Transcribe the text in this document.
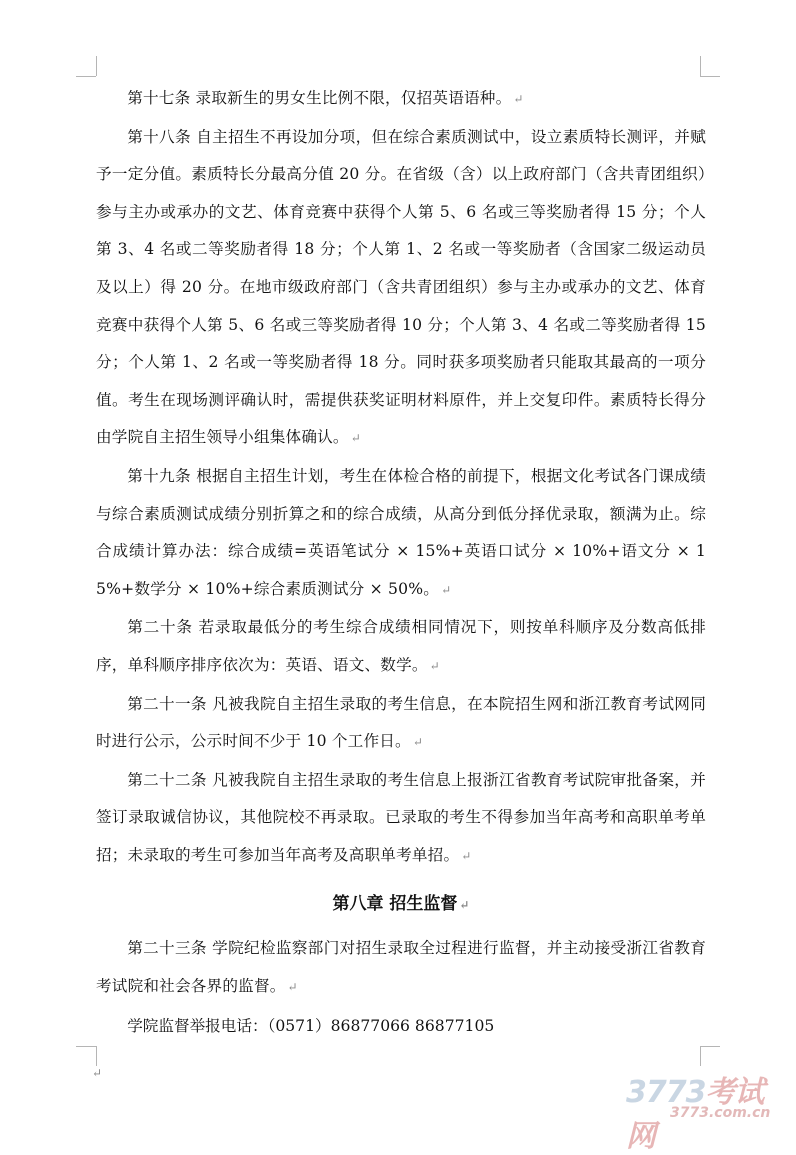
第十七条 录取新生的男女生比例不限，仅招英语语种。 ↵

第十八条 自主招生不再设加分项，但在综合素质测试中，设立素质特长测评，并赋予一定分值。素质特长分最高分值 20 分。在省级（含）以上政府部门（含共青团组织）参与主办或承办的文艺、体育竞赛中获得个人第 5、6 名或三等奖励者得 15 分；个人第 3、4 名或二等奖励者得 18 分；个人第 1、2 名或一等奖励者（含国家二级运动员及以上）得 20 分。在地市级政府部门（含共青团组织）参与主办或承办的文艺、体育竞赛中获得个人第 5、6 名或三等奖励者得 10 分；个人第 3、4 名或二等奖励者得 15 分；个人第 1、2 名或一等奖励者得 18 分。同时获多项奖励者只能取其最高的一项分值。考生在现场测评确认时，需提供获奖证明材料原件，并上交复印件。素质特长得分由学院自主招生领导小组集体确认。 ↵

第十九条 根据自主招生计划，考生在体检合格的前提下，根据文化考试各门课成绩与综合素质测试成绩分别折算之和的综合成绩，从高分到低分择优录取，额满为止。综合成绩计算办法：综合成绩=英语笔试分 × 15%+英语口试分 × 10%+语文分 × 15%+数学分 × 10%+综合素质测试分 × 50%。 ↵

第二十条 若录取最低分的考生综合成绩相同情况下，则按单科顺序及分数高低排序，单科顺序排序依次为：英语、语文、数学。 ↵

第二十一条 凡被我院自主招生录取的考生信息，在本院招生网和浙江教育考试网同时进行公示，公示时间不少于 10 个工作日。 ↵

第二十二条 凡被我院自主招生录取的考生信息上报浙江省教育考试院审批备案，并签订录取诚信协议，其他院校不再录取。已录取的考生不得参加当年高考和高职单考单招；未录取的考生可参加当年高考及高职单考单招。 ↵

第八章 招生监督 ↵

第二十三条 学院纪检监察部门对招生录取全过程进行监督，并主动接受浙江省教育考试院和社会各界的监督。 ↵

学院监督举报电话：（0571）86877066 86877105

↵
3773考试网
3773.com.cn
